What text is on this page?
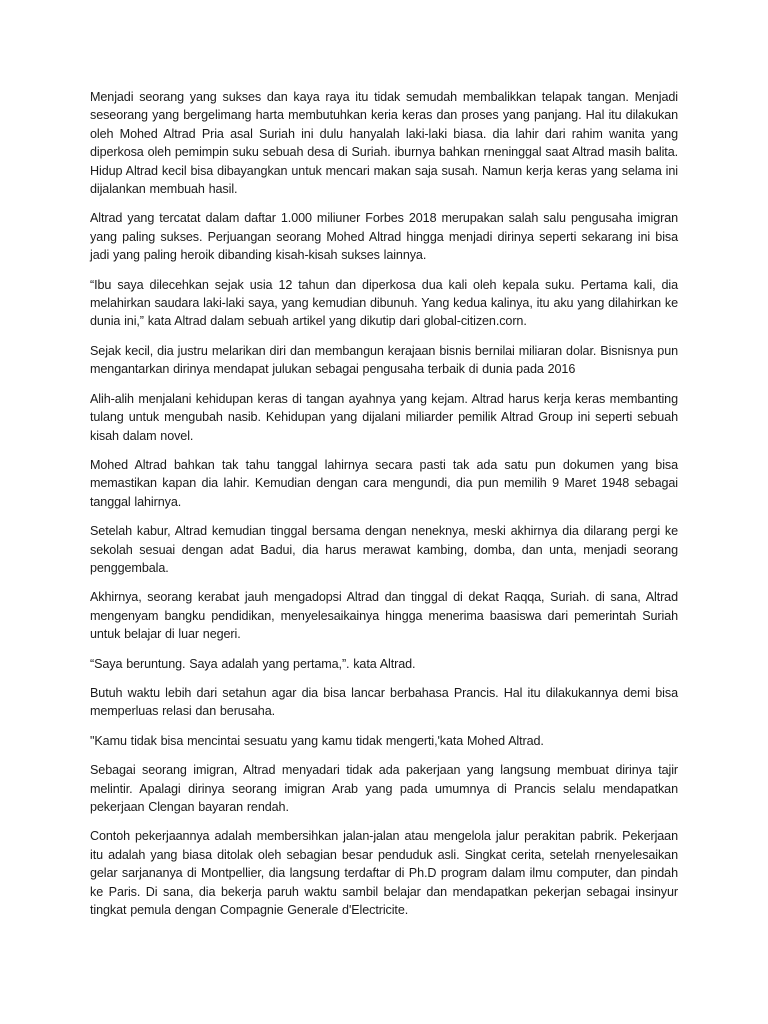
Menjadi seorang yang sukses dan kaya raya itu tidak semudah membalikkan telapak tangan. Menjadi seseorang yang bergelimang harta membutuhkan keria keras dan proses yang panjang. Hal itu dilakukan oleh Mohed Altrad Pria asal Suriah ini dulu hanyalah laki-laki biasa. dia lahir dari rahim wanita yang diperkosa oleh pemimpin suku sebuah desa di Suriah. iburnya bahkan rneninggal saat Altrad masih balita. Hidup Altrad kecil bisa dibayangkan untuk mencari makan saja susah. Namun kerja keras yang selama ini dijalankan membuah hasil.

Altrad yang tercatat dalam daftar 1.000 miliuner Forbes 2018 merupakan salah salu pengusaha imigran yang paling sukses. Perjuangan seorang Mohed Altrad hingga menjadi dirinya seperti sekarang ini bisa jadi yang paling heroik dibanding kisah-kisah sukses lainnya.

“Ibu saya dilecehkan sejak usia 12 tahun dan diperkosa dua kali oleh kepala suku. Pertama kali, dia melahirkan saudara laki-laki saya, yang kemudian dibunuh. Yang kedua kalinya, itu aku yang dilahirkan ke dunia ini,” kata Altrad dalam sebuah artikel yang dikutip dari global-citizen.corn.

Sejak kecil, dia justru melarikan diri dan membangun kerajaan bisnis bernilai miliaran dolar. Bisnisnya pun mengantarkan dirinya mendapat julukan sebagai pengusaha terbaik di dunia pada 2016

Alih-alih menjalani kehidupan keras di tangan ayahnya yang kejam. Altrad harus kerja keras membanting tulang untuk mengubah nasib. Kehidupan yang dijalani miliarder pemilik Altrad Group ini seperti sebuah kisah dalam novel.

Mohed Altrad bahkan tak tahu tanggal lahirnya secara pasti tak ada satu pun dokumen yang bisa memastikan kapan dia lahir. Kemudian dengan cara mengundi, dia pun memilih 9 Maret 1948 sebagai tanggal lahirnya.

Setelah kabur, Altrad kemudian tinggal bersama dengan neneknya, meski akhirnya dia dilarang pergi ke sekolah sesuai dengan adat Badui, dia harus merawat kambing, domba, dan unta, menjadi seorang penggembala.

Akhirnya, seorang kerabat jauh mengadopsi Altrad dan tinggal di dekat Raqqa, Suriah. di sana, Altrad mengenyam bangku pendidikan, menyelesaikainya hingga menerima baasiswa dari pemerintah Suriah untuk belajar di luar negeri.

“Saya beruntung. Saya adalah yang pertama,”. kata Altrad.

Butuh waktu lebih dari setahun agar dia bisa lancar berbahasa Prancis. Hal itu dilakukannya demi bisa memperluas relasi dan berusaha.

"Kamu tidak bisa mencintai sesuatu yang kamu tidak mengerti,'kata Mohed Altrad.

Sebagai seorang imigran, Altrad menyadari tidak ada pakerjaan yang langsung membuat dirinya tajir melintir. Apalagi dirinya seorang imigran Arab yang pada umumnya di Prancis selalu mendapatkan pekerjaan Clengan bayaran rendah.

Contoh pekerjaannya adalah membersihkan jalan-jalan atau mengelola jalur perakitan pabrik. Pekerjaan itu adalah yang biasa ditolak oleh sebagian besar penduduk asli. Singkat cerita, setelah rnenyelesaikan gelar sarjananya di Montpellier, dia langsung terdaftar di Ph.D program dalam ilmu computer, dan pindah ke Paris. Di sana, dia bekerja paruh waktu sambil belajar dan mendapatkan pekerjan sebagai insinyur tingkat pemula dengan Compagnie Generale d'Electricite.
